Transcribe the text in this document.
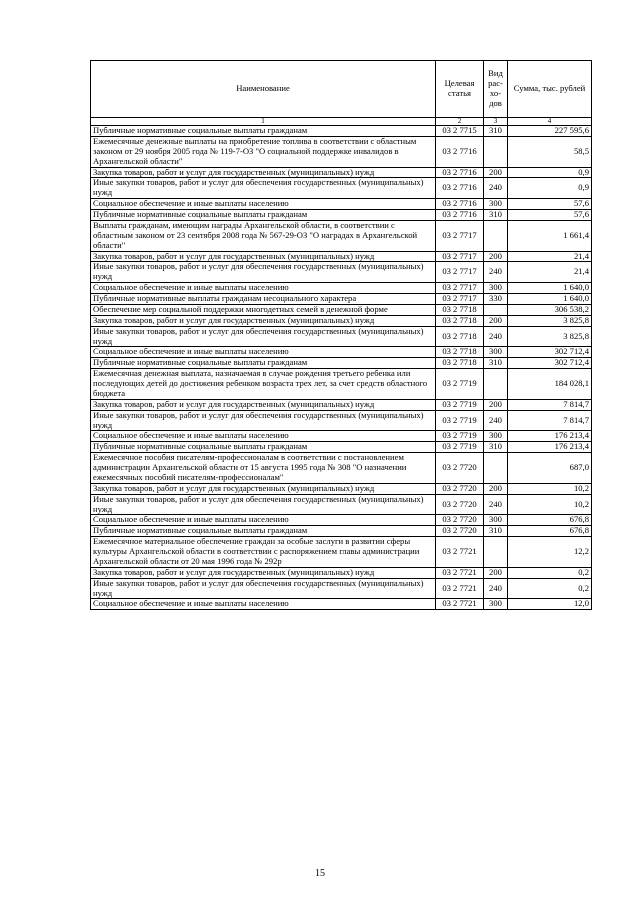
Наименование	Целевая статья	Вид рас-хо-дов	Сумма, тыс. рублей
1	2	3	4
Публичные нормативные социальные выплаты гражданам	03 2 7715	310	227 595,6
Ежемесячные денежные выплаты на приобретение топлива в соответствии с областным законом от 29 ноября 2005 года № 119-7-ОЗ "О социальной поддержке инвалидов в Архангельской области"	03 2 7716		58,5
Закупка товаров, работ и услуг для государственных (муниципальных) нужд	03 2 7716	200	0,9
Иные закупки товаров, работ и услуг для обеспечения государственных (муниципальных) нужд	03 2 7716	240	0,9
Социальное обеспечение и иные выплаты населению	03 2 7716	300	57,6
Публичные нормативные социальные выплаты гражданам	03 2 7716	310	57,6
Выплаты гражданам, имеющим награды Архангельской области, в соответствии с областным законом от 23 сентября 2008 года № 567-29-ОЗ "О наградах в Архангельской области"	03 2 7717		1 661,4
Закупка товаров, работ и услуг для государственных (муниципальных) нужд	03 2 7717	200	21,4
Иные закупки товаров, работ и услуг для обеспечения государственных (муниципальных) нужд	03 2 7717	240	21,4
Социальное обеспечение и иные выплаты населению	03 2 7717	300	1 640,0
Публичные нормативные выплаты гражданам несоциального характера	03 2 7717	330	1 640,0
Обеспечение мер социальной поддержки многодетных семей в денежной форме	03 2 7718		306 538,2
Закупка товаров, работ и услуг для государственных (муниципальных) нужд	03 2 7718	200	3 825,8
Иные закупки товаров, работ и услуг для обеспечения государственных (муниципальных) нужд	03 2 7718	240	3 825,8
Социальное обеспечение и иные выплаты населению	03 2 7718	300	302 712,4
Публичные нормативные социальные выплаты гражданам	03 2 7718	310	302 712,4
Ежемесячная денежная выплата, назначаемая в случае рождения третьего ребенка или последующих детей до достижения ребенком возраста трех лет, за счет средств областного бюджета	03 2 7719		184 028,1
Закупка товаров, работ и услуг для государственных (муниципальных) нужд	03 2 7719	200	7 814,7
Иные закупки товаров, работ и услуг для обеспечения государственных (муниципальных) нужд	03 2 7719	240	7 814,7
Социальное обеспечение и иные выплаты населению	03 2 7719	300	176 213,4
Публичные нормативные социальные выплаты гражданам	03 2 7719	310	176 213,4
Ежемесячное пособия писателям-профессионалам в соответствии с постановлением администрации Архангельской области от 15 августа 1995 года № 308 "О назначении ежемесячных пособий писателям-профессионалам"	03 2 7720		687,0
Закупка товаров, работ и услуг для государственных (муниципальных) нужд	03 2 7720	200	10,2
Иные закупки товаров, работ и услуг для обеспечения государственных (муниципальных) нужд	03 2 7720	240	10,2
Социальное обеспечение и иные выплаты населению	03 2 7720	300	676,8
Публичные нормативные социальные выплаты гражданам	03 2 7720	310	676,8
Ежемесячное материальное обеспечение граждан за особые заслуги в развитии сферы культуры Архангельской области в соответствии с распоряжением главы администрации Архангельской области от 20 мая 1996 года № 292р	03 2 7721		12,2
Закупка товаров, работ и услуг для государственных (муниципальных) нужд	03 2 7721	200	0,2
Иные закупки товаров, работ и услуг для обеспечения государственных (муниципальных) нужд	03 2 7721	240	0,2
Социальное обеспечение и иные выплаты населению	03 2 7721	300	12,0
15
